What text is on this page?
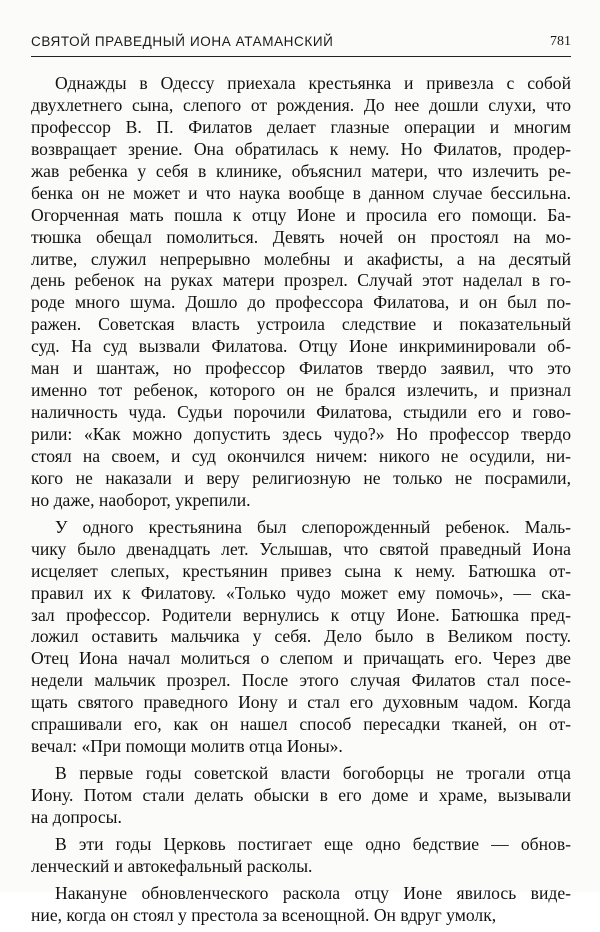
СВЯТОЙ ПРАВЕДНЫЙ ИОНА АТАМАНСКИЙ	781
Однажды в Одессу приехала крестьянка и привезла с собой
двухлетнего сына, слепого от рождения. До нее дошли слухи, что
профессор В. П. Филатов делает глазные операции и многим
возвращает зрение. Она обратилась к нему. Но Филатов, продер-
жав ребенка у себя в клинике, объяснил матери, что излечить ре-
бенка он не может и что наука вообще в данном случае бессильна.
Огорченная мать пошла к отцу Ионе и просила его помощи. Ба-
тюшка обещал помолиться. Девять ночей он простоял на мо-
литве, служил непрерывно молебны и акафисты, а на десятый
день ребенок на руках матери прозрел. Случай этот наделал в го-
роде много шума. Дошло до профессора Филатова, и он был по-
ражен. Советская власть устроила следствие и показательный
суд. На суд вызвали Филатова. Отцу Ионе инкриминировали об-
ман и шантаж, но профессор Филатов твердо заявил, что это
именно тот ребенок, которого он не брался излечить, и признал
наличность чуда. Судьи порочили Филатова, стыдили его и гово-
рили: «Как можно допустить здесь чудо?» Но профессор твердо
стоял на своем, и суд окончился ничем: никого не осудили, ни-
кого не наказали и веру религиозную не только не посрамили,
но даже, наоборот, укрепили.
У одного крестьянина был слепорожденный ребенок. Маль-
чику было двенадцать лет. Услышав, что святой праведный Иона
исцеляет слепых, крестьянин привез сына к нему. Батюшка от-
правил их к Филатову. «Только чудо может ему помочь», — ска-
зал профессор. Родители вернулись к отцу Ионе. Батюшка пред-
ложил оставить мальчика у себя. Дело было в Великом посту.
Отец Иона начал молиться о слепом и причащать его. Через две
недели мальчик прозрел. После этого случая Филатов стал посе-
щать святого праведного Иону и стал его духовным чадом. Когда
спрашивали его, как он нашел способ пересадки тканей, он от-
вечал: «При помощи молитв отца Ионы».
В первые годы советской власти богоборцы не трогали отца
Иону. Потом стали делать обыски в его доме и храме, вызывали
на допросы.
В эти годы Церковь постигает еще одно бедствие — обнов-
ленческий и автокефальный расколы.
Накануне обновленческого раскола отцу Ионе явилось виде-
ние, когда он стоял у престола за всенощной. Он вдруг умолк,
